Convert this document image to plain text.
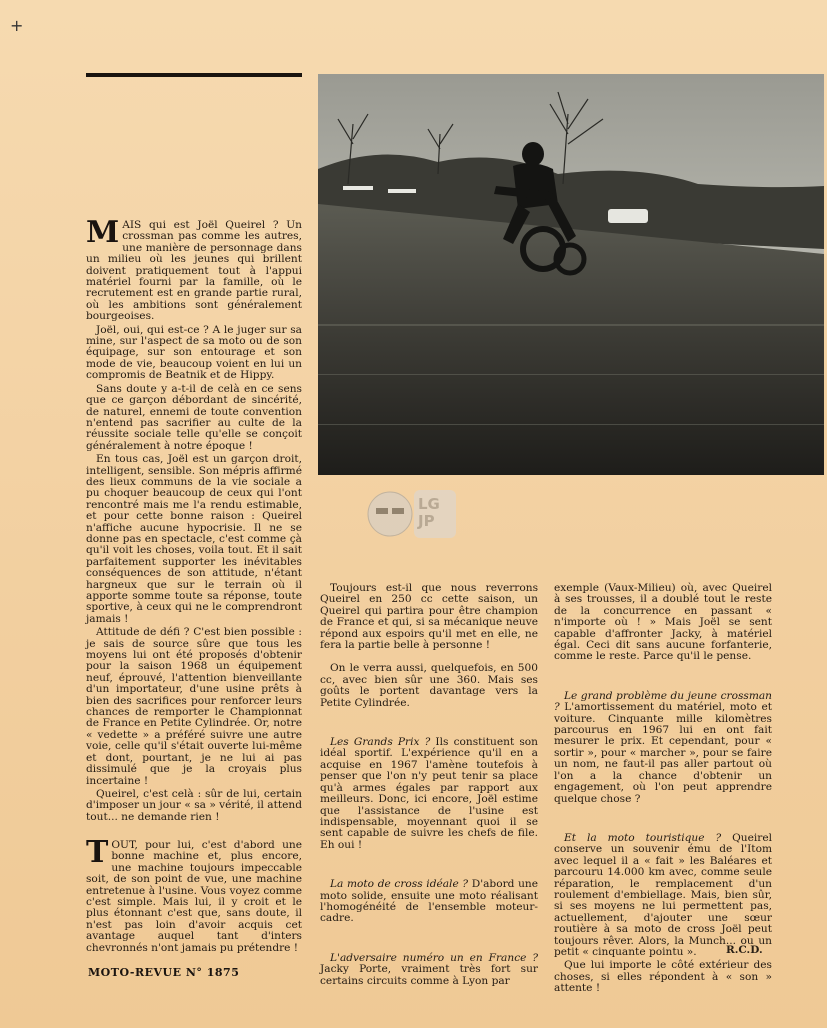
+
LG JP

MAIS qui est Joël Queirel ? Un crossman pas comme les autres, une manière de personnage dans un milieu où les jeunes qui brillent doivent pratiquement tout à l'appui matériel fourni par la famille, où le recrutement est en grande partie rural, où les ambitions sont généralement bourgeoises.

Joël, oui, qui est-ce ? A le juger sur sa mine, sur l'aspect de sa moto ou de son équipage, sur son entourage et son mode de vie, beaucoup voient en lui un compromis de Beatnik et de Hippy.

Sans doute y a-t-il de celà en ce sens que ce garçon débordant de sincérité, de naturel, ennemi de toute convention n'entend pas sacrifier au culte de la réussite sociale telle qu'elle se conçoit généralement à notre époque !

En tous cas, Joël est un garçon droit, intelligent, sensible. Son mépris affirmé des lieux communs de la vie sociale a pu choquer beaucoup de ceux qui l'ont rencontré mais me l'a rendu estimable, et pour cette bonne raison : Queirel n'affiche aucune hypocrisie. Il ne se donne pas en spectacle, c'est comme çà qu'il voit les choses, voila tout. Et il sait parfaitement supporter les inévitables conséquences de son attitude, n'étant hargneux que sur le terrain où il apporte somme toute sa réponse, toute sportive, à ceux qui ne le comprendront jamais !

Attitude de défi ? C'est bien possible : je sais de source sûre que tous les moyens lui ont été proposés d'obtenir pour la saison 1968 un équipement neuf, éprouvé, l'attention bienveillante d'un importateur, d'une usine prêts à bien des sacrifices pour renforcer leurs chances de remporter le Championnat de France en Petite Cylindrée. Or, notre « vedette » a préféré suivre une autre voie, celle qu'il s'était ouverte lui-même et dont, pourtant, je ne lui ai pas dissimulé que je la croyais plus incertaine !

Queirel, c'est celà : sûr de lui, certain d'imposer un jour « sa » vérité, il attend tout... ne demande rien !

TOUT, pour lui, c'est d'abord une bonne machine et, plus encore, une machine toujours impeccable soit, de son point de vue, une machine entretenue à l'usine. Vous voyez comme c'est simple. Mais lui, il y croit et le plus étonnant c'est que, sans doute, il n'est pas loin d'avoir acquis cet avantage auquel tant d'inters chevronnés n'ont jamais pu prétendre !

Toujours est-il que nous reverrons Queirel en 250 cc cette saison, un Queirel qui partira pour être champion de France et qui, si sa mécanique neuve répond aux espoirs qu'il met en elle, ne fera la partie belle à personne !

On le verra aussi, quelquefois, en 500 cc, avec bien sûr une 360. Mais ses goûts le portent davantage vers la Petite Cylindrée.

Les Grands Prix ? Ils constituent son idéal sportif. L'expérience qu'il en a acquise en 1967 l'amène toutefois à penser que l'on n'y peut tenir sa place qu'à armes égales par rapport aux meilleurs. Donc, ici encore, Joël estime que l'assistance de l'usine est indispensable, moyennant quoi il se sent capable de suivre les chefs de file. Eh oui !

La moto de cross idéale ? D'abord une moto solide, ensuite une moto réalisant l'homogénéité de l'ensemble moteur-cadre.

L'adversaire numéro un en France ? Jacky Porte, vraiment très fort sur certains circuits comme à Lyon par

exemple (Vaux-Milieu) où, avec Queirel à ses trousses, il a doublé tout le reste de la concurrence en passant « n'importe où ! » Mais Joël se sent capable d'affronter Jacky, à matériel égal. Ceci dit sans aucune forfanterie, comme le reste. Parce qu'il le pense.

Le grand problème du jeune crossman ? L'amortissement du matériel, moto et voiture. Cinquante mille kilomètres parcourus en 1967 lui en ont fait mesurer le prix. Et cependant, pour « sortir », pour « marcher », pour se faire un nom, ne faut-il pas aller partout où l'on a la chance d'obtenir un engagement, où l'on peut apprendre quelque chose ?

Et la moto touristique ? Queirel conserve un souvenir ému de l'Itom avec lequel il a « fait » les Baléares et parcouru 14.000 km avec, comme seule réparation, le remplacement d'un roulement d'embiellage. Mais, bien sûr, si ses moyens ne lui permettent pas, actuellement, d'ajouter une sœur routière à sa moto de cross Joël peut toujours rêver. Alors, la Munch... ou un petit « cinquante pointu ».

Que lui importe le côté extérieur des choses, si elles répondent à « son » attente !

R.C.D.
MOTO-REVUE N° 1875
